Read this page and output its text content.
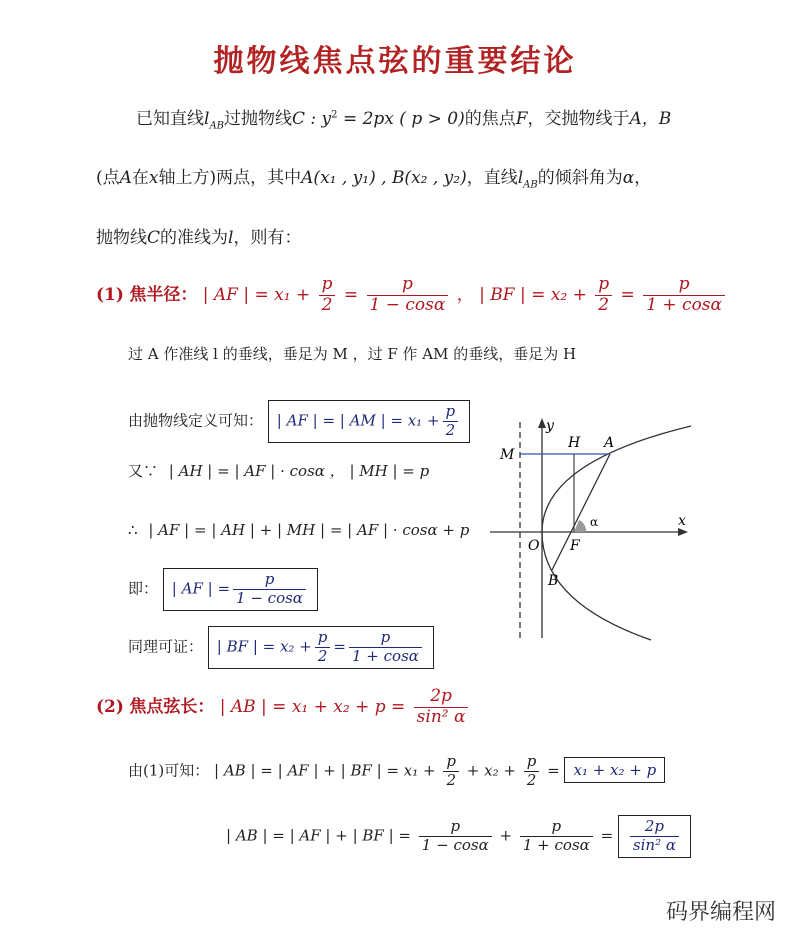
抛物线焦点弦的重要结论
已知直线$l_{AB}$过抛物线C : $y^2 = 2px$ ( p > 0)的焦点F，交抛物线于A，B
(点A在x轴上方)两点，其中A(x₁ , y₁) , B(x₂ , y₂)，直线$l_{AB}$的倾斜角为α，
抛物线C的准线为l，则有：
(1) 焦半径： | AF | = $x_1 + \frac{p}{2} = \frac{p}{1 - \cos\alpha}$ ， | BF | = $x_2 + \frac{p}{2} = \frac{p}{1 + \cos\alpha}$
过 A 作准线 l 的垂线，垂足为 M ，过 F 作 AM 的垂线，垂足为 H
由抛物线定义可知： | AF | = | AM | = $x_1 + \frac{p}{2}$
又∵ | AH | = | AF | · cosα ， | MH | = p
∴ | AF | = | AH | + | MH | = | AF | · cosα + p
即： | AF | = $\frac{p}{1 - \cos\alpha}$
同理可证： | BF | = $x_2 + \frac{p}{2} = \frac{p}{1 + \cos\alpha}$
(2) 焦点弦长： | AB | = $x_1 + x_2 + p = \frac{2p}{\text{sin² α}}$
由(1)可知： | AB | = | AF | + | BF | = $x_1 + \frac{p}{2} + x_2 + \frac{p}{2} = x_1 + x_2 + p$
| AB | = | AF | + | BF | = $\frac{p}{1 - \cos\alpha} + \frac{p}{1 + \cos\alpha} = \frac{2p}{\text{sin² α}}$
y
x
M
H A
O F
B
α
码界编程网
